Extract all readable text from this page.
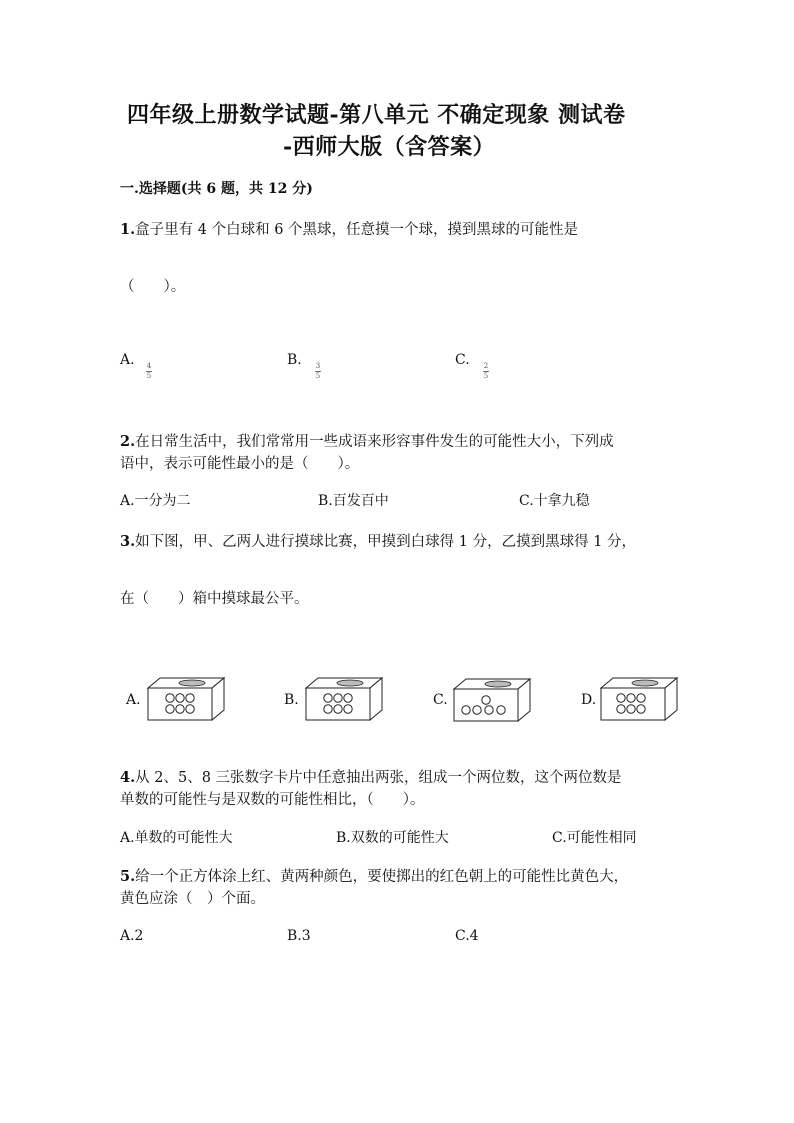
四年级上册数学试题-第八单元 不确定现象 测试卷
-西师大版（含答案）
一.选择题(共 6 题，共 12 分)
1.盒子里有 4 个白球和 6 个黑球，任意摸一个球，摸到黑球的可能性是
（　　）。
A. 4
5
B. 3
5
C. 2
5
2.在日常生活中，我们常常用一些成语来形容事件发生的可能性大小，下列成
语中，表示可能性最小的是（　　）。
A.一分为二	B.百发百中	C.十拿九稳
3.如下图，甲、乙两人进行摸球比赛，甲摸到白球得 1 分，乙摸到黑球得 1 分，
在（　　）箱中摸球最公平。
A.	B.	C.	D.
4.从 2、5、8 三张数字卡片中任意抽出两张，组成一个两位数，这个两位数是
单数的可能性与是双数的可能性相比，（　　）。
A.单数的可能性大	B.双数的可能性大	C.可能性相同
5.给一个正方体涂上红、黄两种颜色，要使掷出的红色朝上的可能性比黄色大，
黄色应涂（　）个面。
A.2	B.3	C.4
